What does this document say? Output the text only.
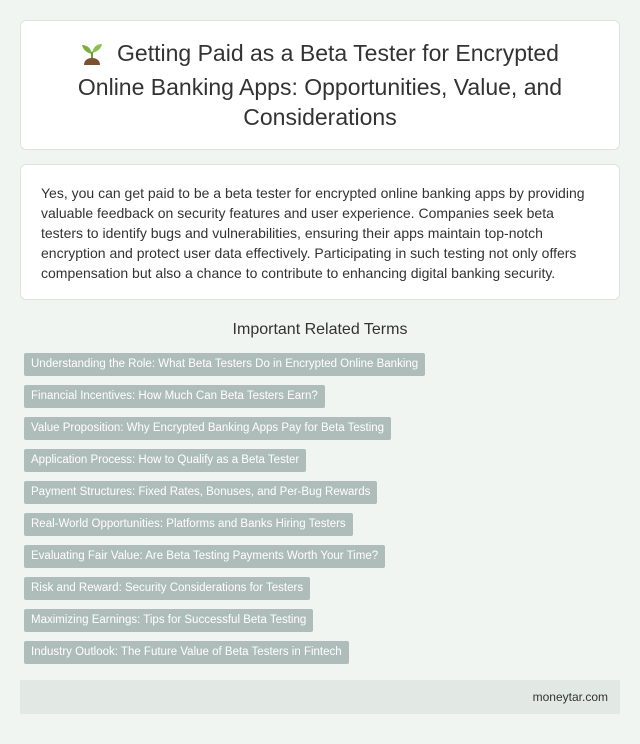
Getting Paid as a Beta Tester for Encrypted Online Banking Apps: Opportunities, Value, and Considerations

Yes, you can get paid to be a beta tester for encrypted online banking apps by providing valuable feedback on security features and user experience. Companies seek beta testers to identify bugs and vulnerabilities, ensuring their apps maintain top-notch encryption and protect user data effectively. Participating in such testing not only offers compensation but also a chance to contribute to enhancing digital banking security.

Important Related Terms
Understanding the Role: What Beta Testers Do in Encrypted Online Banking
Financial Incentives: How Much Can Beta Testers Earn?
Value Proposition: Why Encrypted Banking Apps Pay for Beta Testing
Application Process: How to Qualify as a Beta Tester
Payment Structures: Fixed Rates, Bonuses, and Per-Bug Rewards
Real-World Opportunities: Platforms and Banks Hiring Testers
Evaluating Fair Value: Are Beta Testing Payments Worth Your Time?
Risk and Reward: Security Considerations for Testers
Maximizing Earnings: Tips for Successful Beta Testing
Industry Outlook: The Future Value of Beta Testers in Fintech
moneytar.com
